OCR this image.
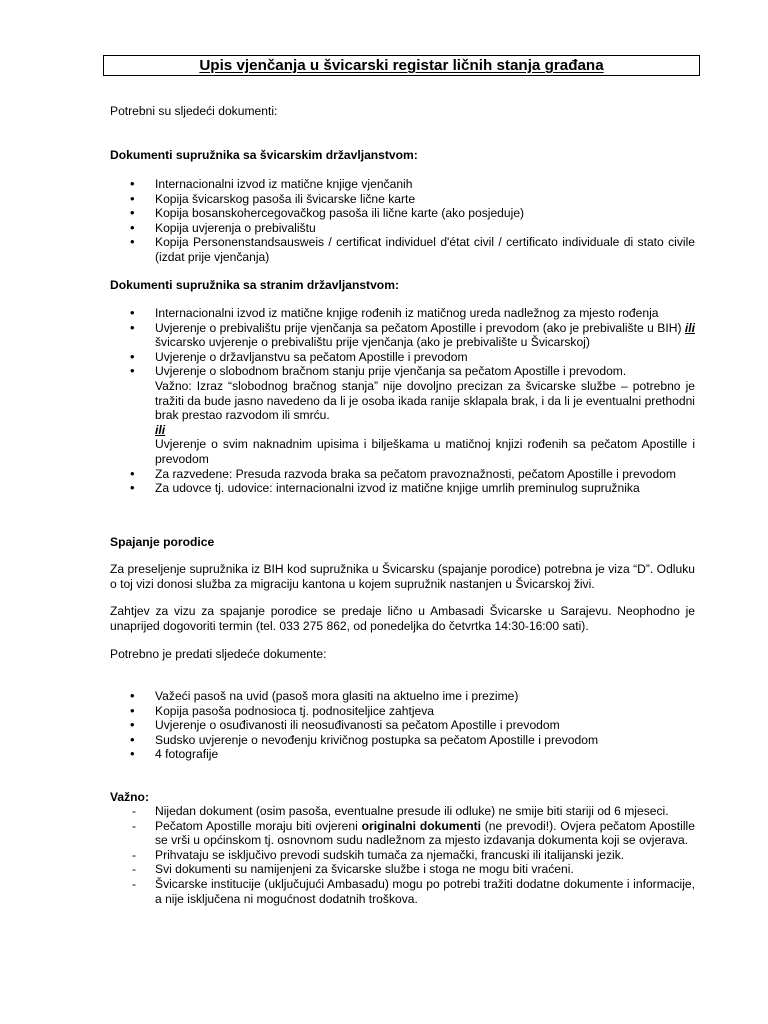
Upis vjenčanja u švicarski registar ličnih stanja građana

Potrebni su sljedeći dokumenti:

Dokumenti supružnika sa švicarskim državljanstvom:

• Internacionalni izvod iz matične knjige vjenčanih
• Kopija švicarskog pasoša ili švicarske lične karte
• Kopija bosanskohercegovačkog pasoša ili lične karte (ako posjeduje)
• Kopija uvjerenja o prebivalištu
• Kopija Personenstandsausweis / certificat individuel d'état civil / certificato individuale di stato civile (izdat prije vjenčanja)

Dokumenti supružnika sa stranim državljanstvom:

• Internacionalni izvod iz matične knjige rođenih iz matičnog ureda nadležnog za mjesto rođenja
• Uvjerenje o prebivalištu prije vjenčanja sa pečatom Apostille i prevodom (ako je prebivalište u BIH) ili švicarsko uvjerenje o prebivalištu prije vjenčanja (ako je prebivalište u Švicarskoj)
• Uvjerenje o državljanstvu sa pečatom Apostille i prevodom
• Uvjerenje o slobodnom bračnom stanju prije vjenčanja sa pečatom Apostille i prevodom.
Važno: Izraz “slobodnog bračnog stanja” nije dovoljno precizan za švicarske službe – potrebno je tražiti da bude jasno navedeno da li je osoba ikada ranije sklapala brak, i da li je eventualni prethodni brak prestao razvodom ili smrću.
ili
Uvjerenje o svim naknadnim upisima i bilješkama u matičnoj knjizi rođenih sa pečatom Apostille i prevodom
• Za razvedene: Presuda razvoda braka sa pečatom pravoznažnosti, pečatom Apostille i prevodom
• Za udovce tj. udovice: internacionalni izvod iz matične knjige umrlih preminulog supružnika

Spajanje porodice

Za preseljenje supružnika iz BIH kod supružnika u Švicarsku (spajanje porodice) potrebna je viza “D”. Odluku o toj vizi donosi služba za migraciju kantona u kojem supružnik nastanjen u Švicarskoj živi.

Zahtjev za vizu za spajanje porodice se predaje lično u Ambasadi Švicarske u Sarajevu. Neophodno je unaprijed dogovoriti termin (tel. 033 275 862, od ponedeljka do četvrtka 14:30-16:00 sati).

Potrebno je predati sljedeće dokumente:

• Važeći pasoš na uvid (pasoš mora glasiti na aktuelno ime i prezime)
• Kopija pasoša podnosioca tj. podnositeljice zahtjeva
• Uvjerenje o osuđivanosti ili neosuđivanosti sa pečatom Apostille i prevodom
• Sudsko uvjerenje o nevođenju krivičnog postupka sa pečatom Apostille i prevodom
• 4 fotografije

Važno:

- Nijedan dokument (osim pasoša, eventualne presude ili odluke) ne smije biti stariji od 6 mjeseci.
- Pečatom Apostille moraju biti ovjereni originalni dokumenti (ne prevodi!). Ovjera pečatom Apostille se vrši u općinskom tj. osnovnom sudu nadležnom za mjesto izdavanja dokumenta koji se ovjerava.
- Prihvataju se isključivo prevodi sudskih tumača za njemački, francuski ili italijanski jezik.
- Svi dokumenti su namijenjeni za švicarske službe i stoga ne mogu biti vraćeni.
- Švicarske institucije (uključujući Ambasadu) mogu po potrebi tražiti dodatne dokumente i informacije, a nije isključena ni mogućnost dodatnih troškova.
